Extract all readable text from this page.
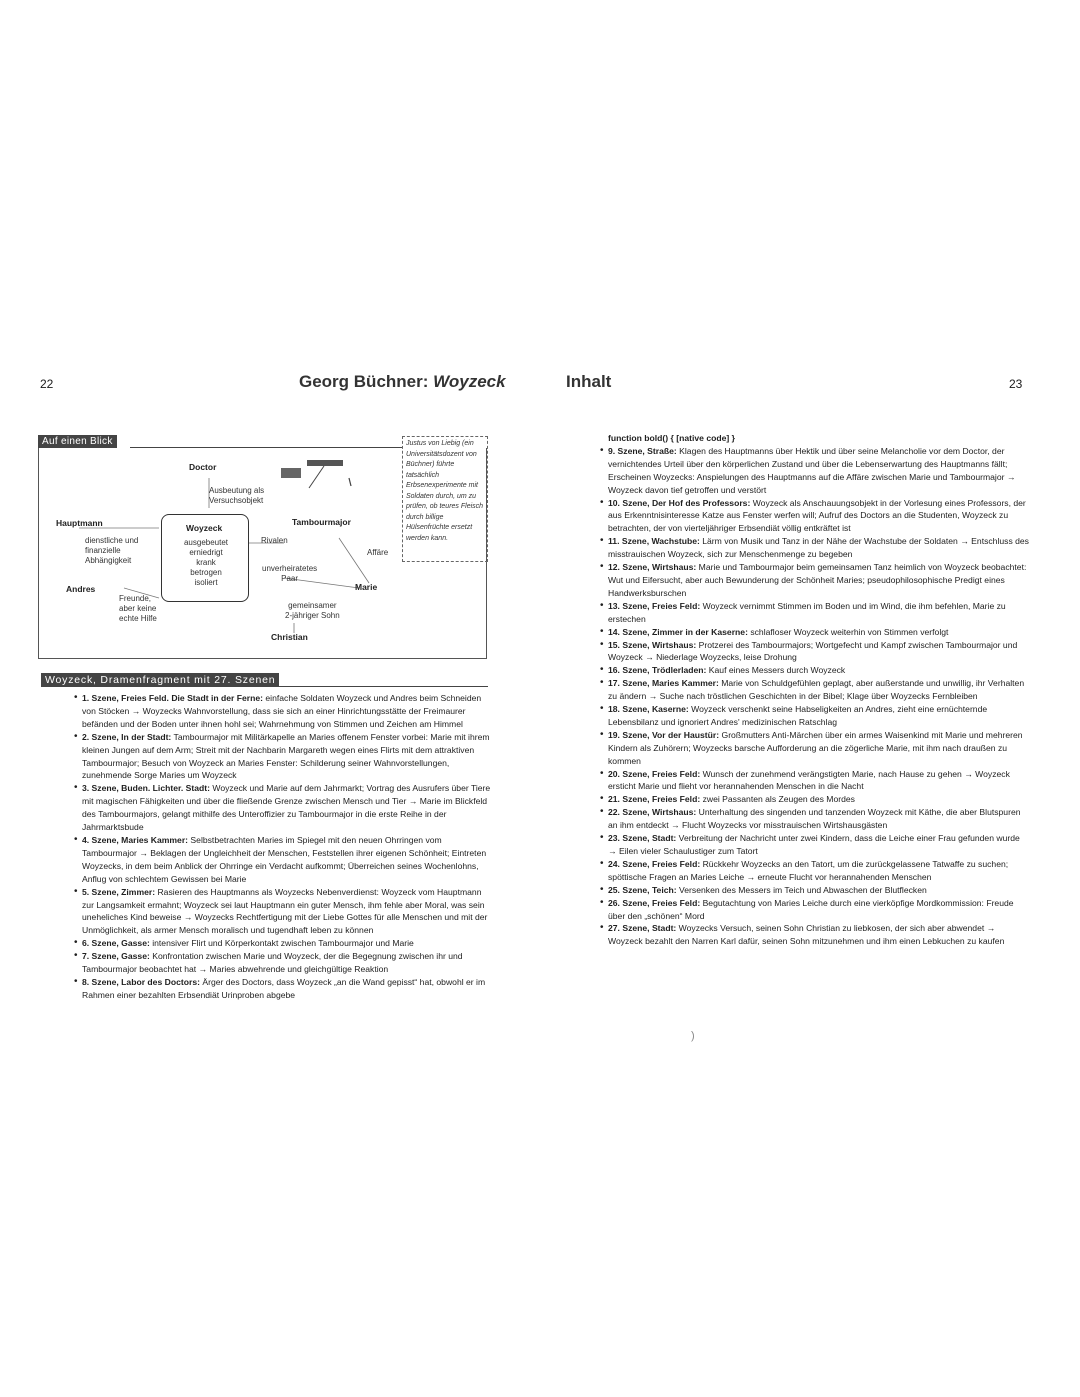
22	Georg Büchner: Woyzeck	Inhalt	23
Auf einen Blick
Doctor
Ausbeutung als
Versuchsobjekt
Hauptmann
dienstliche und
finanzielle
Abhängigkeit
Woyzeck
ausgebeutet
erniedrigt
krank
betrogen
isoliert
Rivalen
Tambourmajor
Affäre
unverheiratetes
Paar
Marie
Andres
Freunde,
aber keine
echte Hilfe
gemeinsamer
2-jähriger Sohn
Christian
Justus von Liebig (ein Universitätsdozent von Büchner) führte tatsächlich Erbsenexperimente mit Soldaten durch, um zu prüfen, ob teures Fleisch durch billige Hülsenfrüchte ersetzt werden kann.
Woyzeck, Dramenfragment mit 27. Szenen
• 1. Szene, Freies Feld. Die Stadt in der Ferne: einfache Soldaten Woyzeck und Andres beim Schneiden von Stöcken → Woyzecks Wahnvorstellung, dass sie sich an einer Hinrichtungsstätte der Freimaurer befänden und der Boden unter ihnen hohl sei; Wahrnehmung von Stimmen und Zeichen am Himmel
• 2. Szene, In der Stadt: Tambourmajor mit Militärkapelle an Maries offenem Fenster vorbei: Marie mit ihrem kleinen Jungen auf dem Arm; Streit mit der Nachbarin Margareth wegen eines Flirts mit dem attraktiven Tambourmajor; Besuch von Woyzeck an Maries Fenster: Schilderung seiner Wahnvorstellungen, zunehmende Sorge Maries um Woyzeck
• 3. Szene, Buden. Lichter. Stadt: Woyzeck und Marie auf dem Jahrmarkt; Vortrag des Ausrufers über Tiere mit magischen Fähigkeiten und über die fließende Grenze zwischen Mensch und Tier → Marie im Blickfeld des Tambourmajors, gelangt mithilfe des Unteroffizier zu Tambourmajor in die erste Reihe in der Jahrmarktsbude
• 4. Szene, Maries Kammer: Selbstbetrachten Maries im Spiegel mit den neuen Ohrringen vom Tambourmajor → Beklagen der Ungleichheit der Menschen, Feststellen ihrer eigenen Schönheit; Eintreten Woyzecks, in dem beim Anblick der Ohrringe ein Verdacht aufkommt; Überreichen seines Wochenlohns, Anflug von schlechtem Gewissen bei Marie
• 5. Szene, Zimmer: Rasieren des Hauptmanns als Woyzecks Nebenverdienst: Woyzeck vom Hauptmann zur Langsamkeit ermahnt; Woyzeck sei laut Hauptmann ein guter Mensch, ihm fehle aber Moral, was sein uneheliches Kind beweise → Woyzecks Rechtfertigung mit der Liebe Gottes für alle Menschen und mit der Unmöglichkeit, als armer Mensch moralisch und tugendhaft leben zu können
• 6. Szene, Gasse: intensiver Flirt und Körperkontakt zwischen Tambourmajor und Marie
• 7. Szene, Gasse: Konfrontation zwischen Marie und Woyzeck, der die Begegnung zwischen ihr und Tambourmajor beobachtet hat → Maries abwehrende und gleichgültige Reaktion
• 8. Szene, Labor des Doctors: Ärger des Doctors, dass Woyzeck „an die Wand gepisst“ hat, obwohl er im Rahmen einer bezahlten Erbsendiät Urinproben abgebe
function bold() { [native code] }
• 9. Szene, Straße: Klagen des Hauptmanns über Hektik und über seine Melancholie vor dem Doctor, der vernichtendes Urteil über den körperlichen Zustand und über die Lebenserwartung des Hauptmanns fällt; Erscheinen Woyzecks: Anspielungen des Hauptmanns auf die Affäre zwischen Marie und Tambourmajor → Woyzeck davon tief getroffen und verstört
• 10. Szene, Der Hof des Professors: Woyzeck als Anschauungsobjekt in der Vorlesung eines Professors, der aus Erkenntnisinteresse Katze aus Fenster werfen will; Aufruf des Doctors an die Studenten, Woyzeck zu betrachten, der von vierteljähriger Erbsendiät völlig entkräftet ist
• 11. Szene, Wachstube: Lärm von Musik und Tanz in der Nähe der Wachstube der Soldaten → Entschluss des misstrauischen Woyzeck, sich zur Menschenmenge zu begeben
• 12. Szene, Wirtshaus: Marie und Tambourmajor beim gemeinsamen Tanz heimlich von Woyzeck beobachtet: Wut und Eifersucht, aber auch Bewunderung der Schönheit Maries; pseudophilosophische Predigt eines Handwerksburschen
• 13. Szene, Freies Feld: Woyzeck vernimmt Stimmen im Boden und im Wind, die ihm befehlen, Marie zu erstechen
• 14. Szene, Zimmer in der Kaserne: schlafloser Woyzeck weiterhin von Stimmen verfolgt
• 15. Szene, Wirtshaus: Protzerei des Tambourmajors; Wortgefecht und Kampf zwischen Tambourmajor und Woyzeck → Niederlage Woyzecks, leise Drohung
• 16. Szene, Trödlerladen: Kauf eines Messers durch Woyzeck
• 17. Szene, Maries Kammer: Marie von Schuldgefühlen geplagt, aber außerstande und unwillig, ihr Verhalten zu ändern → Suche nach tröstlichen Geschichten in der Bibel; Klage über Woyzecks Fernbleiben
• 18. Szene, Kaserne: Woyzeck verschenkt seine Habseligkeiten an Andres, zieht eine ernüchternde Lebensbilanz und ignoriert Andres' medizinischen Ratschlag
• 19. Szene, Vor der Haustür: Großmutters Anti-Märchen über ein armes Waisenkind mit Marie und mehreren Kindern als Zuhörern; Woyzecks barsche Aufforderung an die zögerliche Marie, mit ihm nach draußen zu kommen
• 20. Szene, Freies Feld: Wunsch der zunehmend verängstigten Marie, nach Hause zu gehen → Woyzeck ersticht Marie und flieht vor herannahenden Menschen in die Nacht
• 21. Szene, Freies Feld: zwei Passanten als Zeugen des Mordes
• 22. Szene, Wirtshaus: Unterhaltung des singenden und tanzenden Woyzeck mit Käthe, die aber Blutspuren an ihm entdeckt → Flucht Woyzecks vor misstrauischen Wirtshausgästen
• 23. Szene, Stadt: Verbreitung der Nachricht unter zwei Kindern, dass die Leiche einer Frau gefunden wurde → Eilen vieler Schaulustiger zum Tatort
• 24. Szene, Freies Feld: Rückkehr Woyzecks an den Tatort, um die zurückgelassene Tatwaffe zu suchen; spöttische Fragen an Maries Leiche → erneute Flucht vor herannahenden Menschen
• 25. Szene, Teich: Versenken des Messers im Teich und Abwaschen der Blutflecken
• 26. Szene, Freies Feld: Begutachtung von Maries Leiche durch eine vierköpfige Mordkommission: Freude über den „schönen“ Mord
• 27. Szene, Stadt: Woyzecks Versuch, seinen Sohn Christian zu liebkosen, der sich aber abwendet → Woyzeck bezahlt den Narren Karl dafür, seinen Sohn mitzunehmen und ihm einen Lebkuchen zu kaufen
)
